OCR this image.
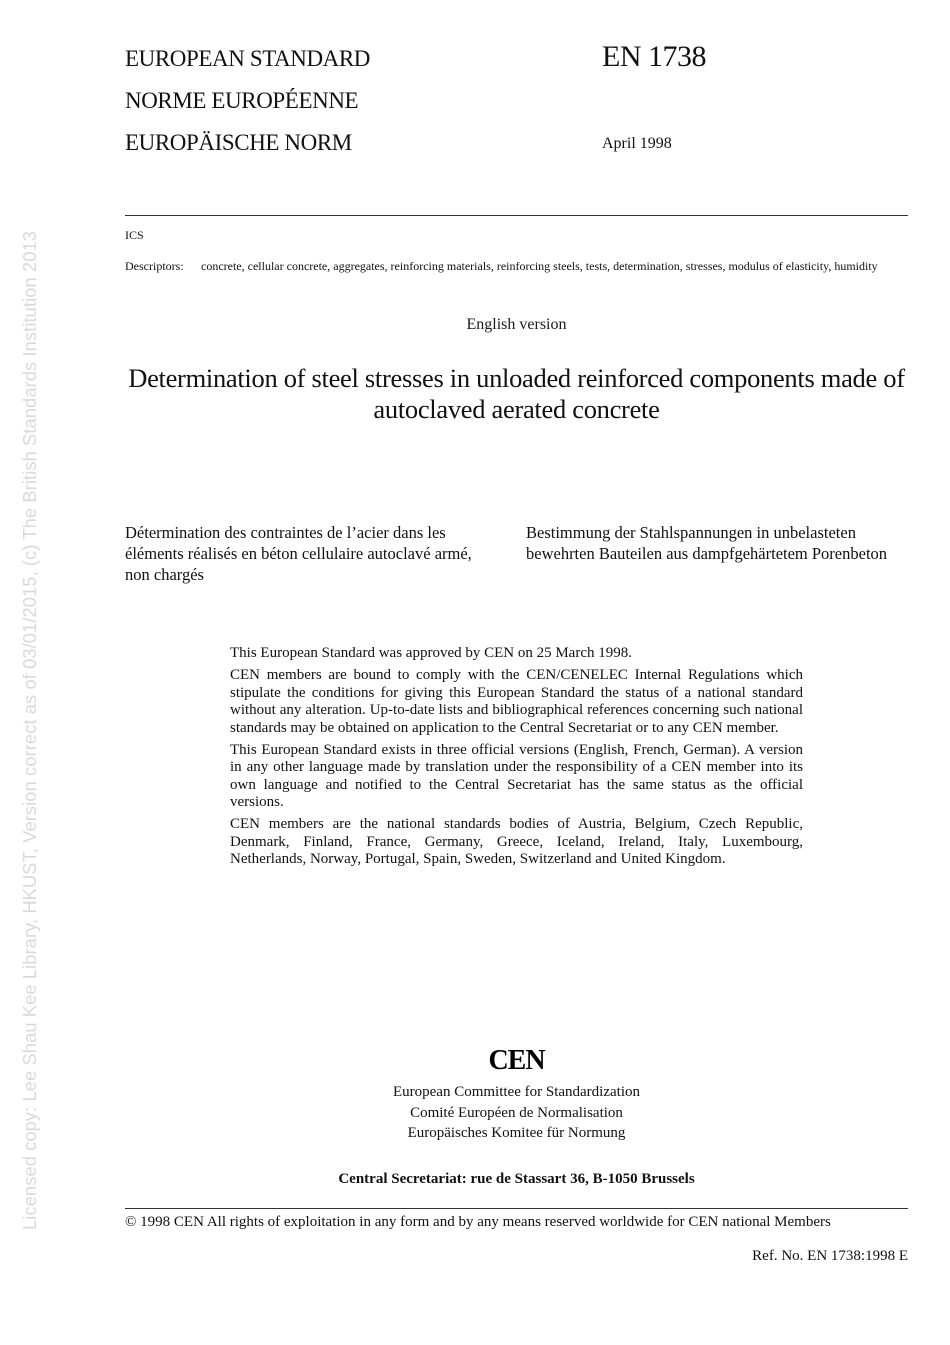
Licensed copy: Lee Shau Kee Library, HKUST, Version correct as of 03/01/2015, (c) The British Standards Institution 2013
EUROPEAN STANDARD
NORME EUROPÉENNE
EUROPÄISCHE NORM
EN 1738
April 1998
ICS
Descriptors: concrete, cellular concrete, aggregates, reinforcing materials, reinforcing steels, tests, determination, stresses, modulus of elasticity, humidity
English version
Determination of steel stresses in unloaded reinforced components made of autoclaved aerated concrete
Détermination des contraintes de l’acier dans les éléments réalisés en béton cellulaire autoclavé armé, non chargés
Bestimmung der Stahlspannungen in unbelasteten bewehrten Bauteilen aus dampfgehärtetem Porenbeton

This European Standard was approved by CEN on 25 March 1998.

CEN members are bound to comply with the CEN/CENELEC Internal Regulations which stipulate the conditions for giving this European Standard the status of a national standard without any alteration. Up-to-date lists and bibliographical references concerning such national standards may be obtained on application to the Central Secretariat or to any CEN member.

This European Standard exists in three official versions (English, French, German). A version in any other language made by translation under the responsibility of a CEN member into its own language and notified to the Central Secretariat has the same status as the official versions.

CEN members are the national standards bodies of Austria, Belgium, Czech Republic, Denmark, Finland, France, Germany, Greece, Iceland, Ireland, Italy, Luxembourg, Netherlands, Norway, Portugal, Spain, Sweden, Switzerland and United Kingdom.

CEN
European Committee for Standardization
Comité Européen de Normalisation
Europäisches Komitee für Normung
Central Secretariat: rue de Stassart 36, B-1050 Brussels
© 1998 CEN All rights of exploitation in any form and by any means reserved worldwide for CEN national Members
Ref. No. EN 1738:1998 E
